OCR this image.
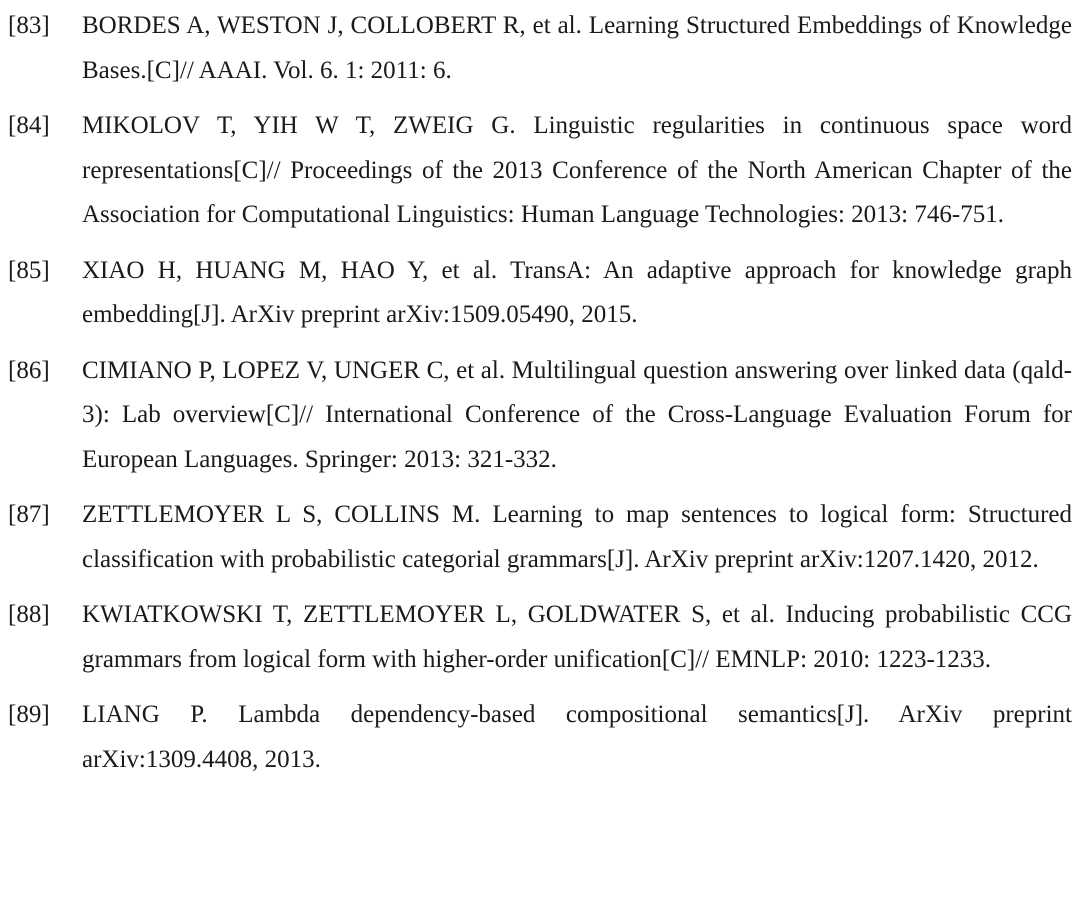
[83]	BORDES A, WESTON J, COLLOBERT R, et al. Learning Structured Embeddings of Knowledge Bases.[C]// AAAI. Vol. 6. 1: 2011: 6.
[84]	MIKOLOV T, YIH W T, ZWEIG G. Linguistic regularities in continuous space word representations[C]// Proceedings of the 2013 Conference of the North American Chapter of the Association for Computational Linguistics: Human Language Technologies: 2013: 746-751.
[85]	XIAO H, HUANG M, HAO Y, et al. TransA: An adaptive approach for knowledge graph embedding[J]. ArXiv preprint arXiv:1509.05490, 2015.
[86]	CIMIANO P, LOPEZ V, UNGER C, et al. Multilingual question answering over linked data (qald-3): Lab overview[C]// International Conference of the Cross-Language Evaluation Forum for European Languages. Springer: 2013: 321-332.
[87]	ZETTLEMOYER L S, COLLINS M. Learning to map sentences to logical form: Structured classification with probabilistic categorial grammars[J]. ArXiv preprint arXiv:1207.1420, 2012.
[88]	KWIATKOWSKI T, ZETTLEMOYER L, GOLDWATER S, et al. Inducing probabilistic CCG grammars from logical form with higher-order unification[C]// EMNLP: 2010: 1223-1233.
[89]	LIANG P. Lambda dependency-based compositional semantics[J]. ArXiv preprint arXiv:1309.4408, 2013.
